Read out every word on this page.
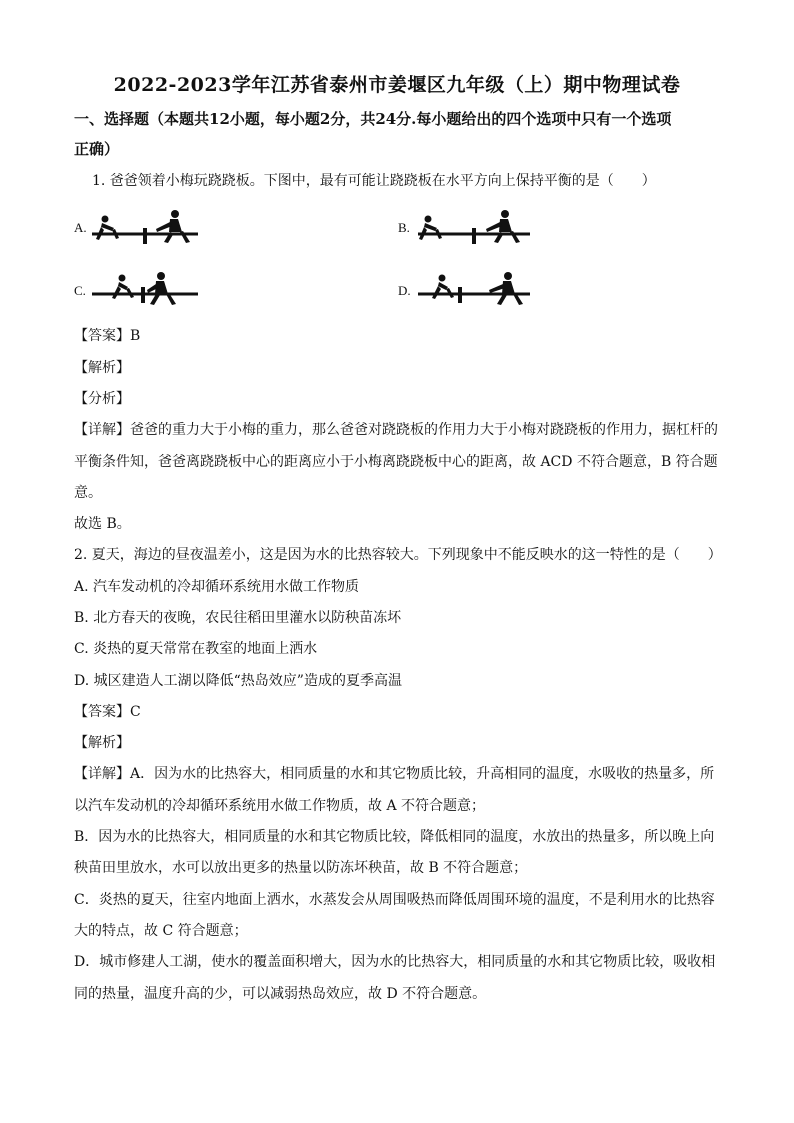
2022-2023学年江苏省泰州市姜堰区九年级（上）期中物理试卷
一、选择题（本题共12小题，每小题2分，共24分.每小题给出的四个选项中只有一个选项
正确）
1. 爸爸领着小梅玩跷跷板。下图中，最有可能让跷跷板在水平方向上保持平衡的是（　　）
A.	B.
C.	D.
【答案】B
【解析】
【分析】
【详解】爸爸的重力大于小梅的重力，那么爸爸对跷跷板的作用力大于小梅对跷跷板的作用力，据杠杆的
平衡条件知，爸爸离跷跷板中心的距离应小于小梅离跷跷板中心的距离，故 ACD 不符合题意，B 符合题
意。
故选 B。
2. 夏天，海边的昼夜温差小，这是因为水的比热容较大。下列现象中不能反映水的这一特性的是（　　）
A. 汽车发动机的冷却循环系统用水做工作物质
B. 北方春天的夜晚，农民往稻田里灌水以防秧苗冻坏
C. 炎热的夏天常常在教室的地面上洒水
D. 城区建造人工湖以降低“热岛效应”造成的夏季高温
【答案】C
【解析】
【详解】A．因为水的比热容大，相同质量的水和其它物质比较，升高相同的温度，水吸收的热量多，所
以汽车发动机的冷却循环系统用水做工作物质，故 A 不符合题意；
B．因为水的比热容大，相同质量的水和其它物质比较，降低相同的温度，水放出的热量多，所以晚上向
秧苗田里放水，水可以放出更多的热量以防冻坏秧苗，故 B 不符合题意；
C．炎热的夏天，往室内地面上洒水，水蒸发会从周围吸热而降低周围环境的温度，不是利用水的比热容
大的特点，故 C 符合题意；
D．城市修建人工湖，使水的覆盖面积增大，因为水的比热容大，相同质量的水和其它物质比较，吸收相
同的热量，温度升高的少，可以减弱热岛效应，故 D 不符合题意。
